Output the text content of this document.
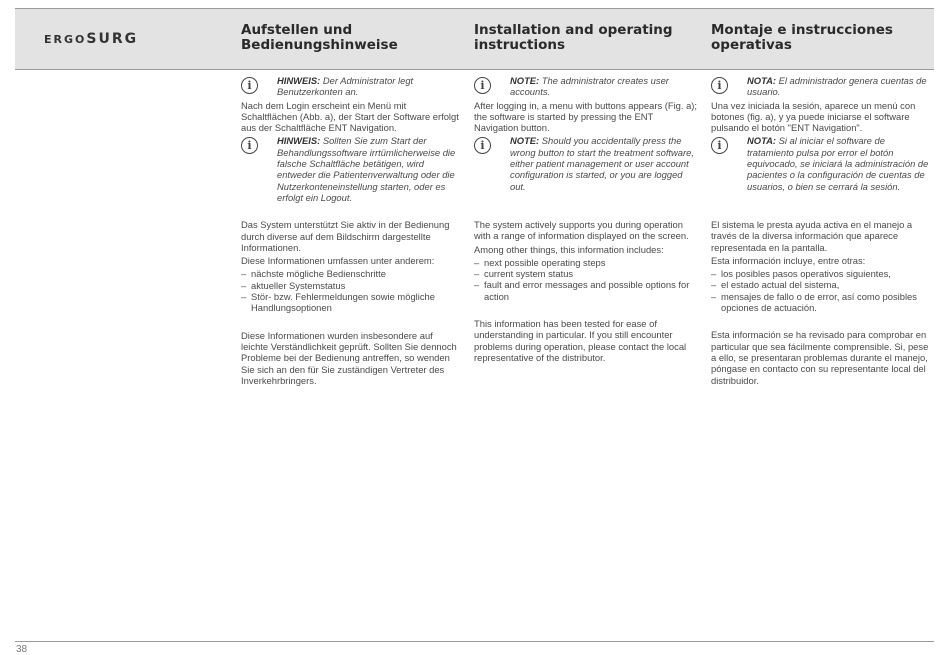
ERGOSURG
Aufstellen und Bedienungshinweise
Installation and operating instructions
Montaje e instrucciones operativas
i	HINWEIS: Der Administrator legt Benutzerkonten an.

Nach dem Login erscheint ein Menü mit Schaltflächen (Abb. a), der Start der Software erfolgt aus der Schaltfläche ENT Navigation.

i	HINWEIS: Sollten Sie zum Start der Behandlungssoftware irrtümlicherweise die falsche Schaltfläche betätigen, wird entweder die Patientenverwaltung oder die Nutzerkonteneinstellung starten, oder es erfolgt ein Logout.

Das System unterstützt Sie aktiv in der Bedienung durch diverse auf dem Bildschirm dargestellte Informationen.

Diese Informationen umfassen unter anderem:

– nächste mögliche Bedienschritte
– aktueller Systemstatus
– Stör- bzw. Fehlermeldungen sowie mögliche Handlungsoptionen

Diese Informationen wurden insbesondere auf leichte Verständlichkeit geprüft. Sollten Sie dennoch Probleme bei der Bedienung antreffen, so wenden Sie sich an den für Sie zuständigen Vertreter des Inverkehrbringers.

i	NOTE: The administrator creates user accounts.

After logging in, a menu with buttons appears (Fig. a); the software is started by pressing the ENT Navigation button.

i	NOTE: Should you accidentally press the wrong button to start the treatment software, either patient management or user account configuration is started, or you are logged out.

The system actively supports you during operation with a range of information displayed on the screen.

Among other things, this information includes:

– next possible operating steps
– current system status
– fault and error messages and possible options for action

This information has been tested for ease of understanding in particular. If you still encounter problems during operation, please contact the local representative of the distributor.

i	NOTA: El administrador genera cuentas de usuario.

Una vez iniciada la sesión, aparece un menú con botones (fig. a), y ya puede iniciarse el software pulsando el botón "ENT Navigation".

i	NOTA: Si al iniciar el software de tratamiento pulsa por error el botón equivocado, se iniciará la administración de pacientes o la configuración de cuentas de usuarios, o bien se cerrará la sesión.

El sistema le presta ayuda activa en el manejo a través de la diversa información que aparece representada en la pantalla.

Esta información incluye, entre otras:

– los posibles pasos operativos siguientes,
– el estado actual del sistema,
– mensajes de fallo o de error, así como posibles opciones de actuación.

Esta información se ha revisado para comprobar en particular que sea fácilmente comprensible. Si, pese a ello, se presentaran problemas durante el manejo, póngase en contacto con su representante local del distribuidor.

38
